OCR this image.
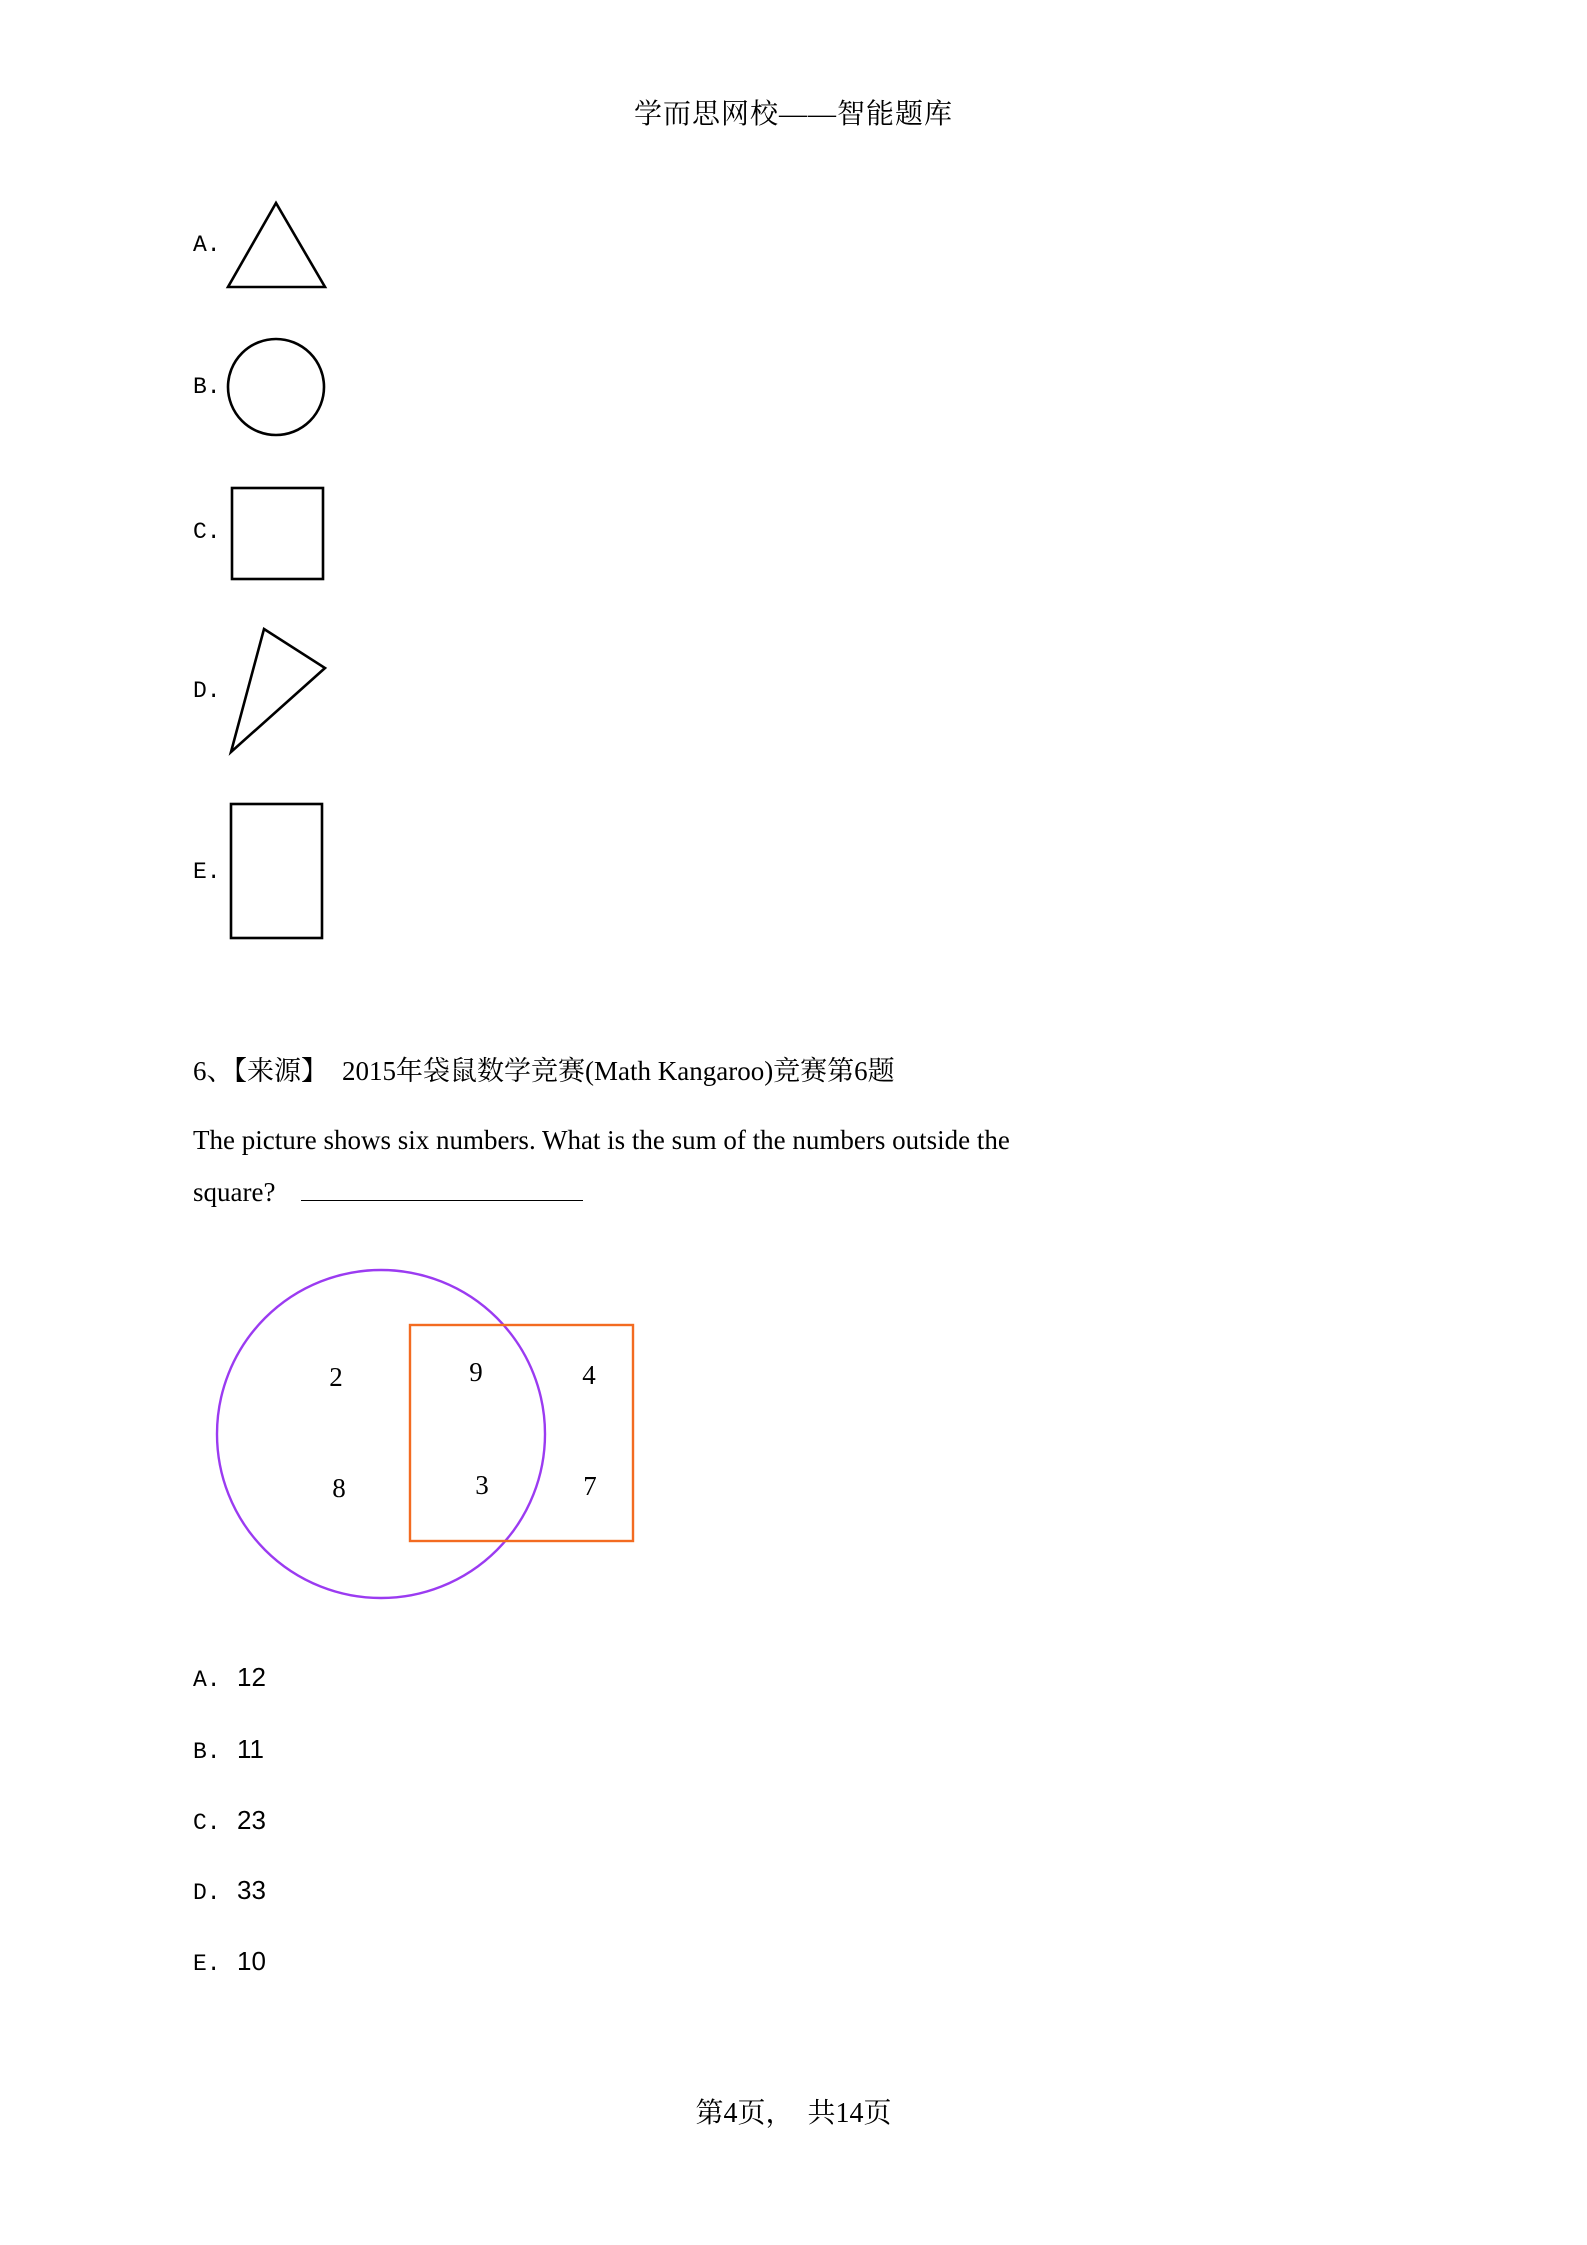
学而思网校——智能题库
A.
B.
C.
D.
E.
6、【来源】 2015年袋鼠数学竞赛(Math Kangaroo)竞赛第6题
The picture shows six numbers. What is the sum of the numbers outside the
square?
2
8
9
3
4
7
A. 12
B. 11
C. 23
D. 33
E. 10
第4页，  共14页
